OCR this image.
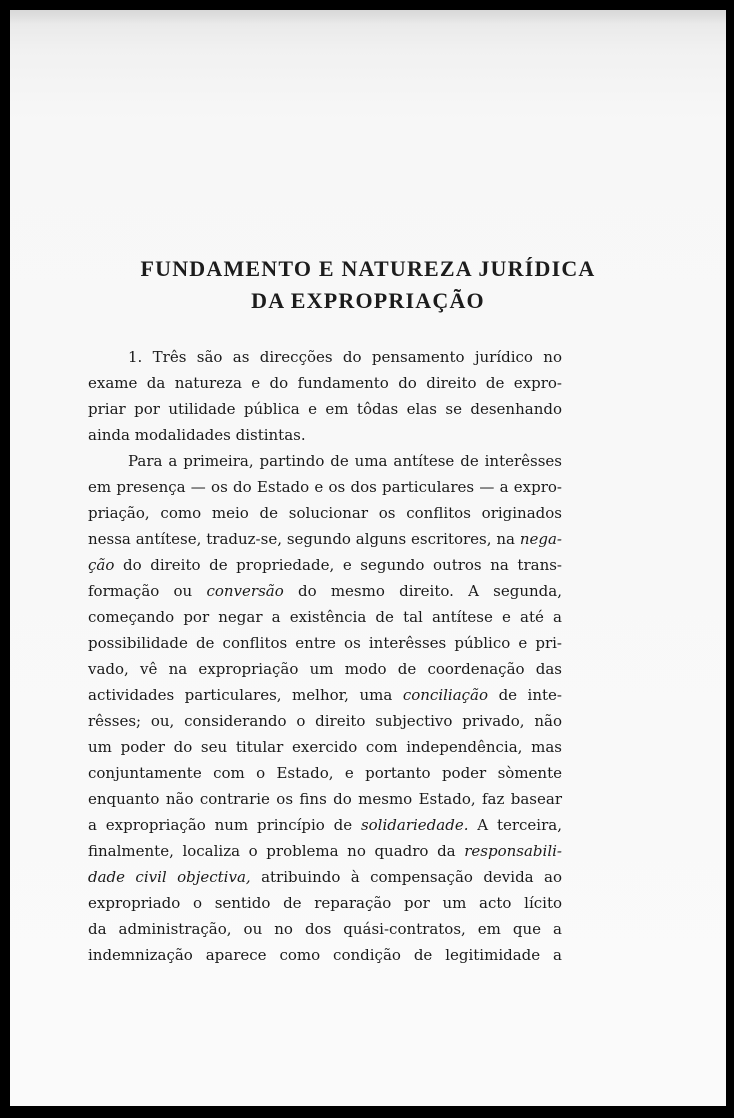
FUNDAMENTO E NATUREZA JURÍDICA
DA EXPROPRIAÇÃO
1. Três são as direcções do pensamento jurídico no
exame da natureza e do fundamento do direito de expro-
priar por utilidade pública e em tôdas elas se desenhando
ainda modalidades distintas.
Para a primeira, partindo de uma antítese de interêsses
em presença — os do Estado e os dos particulares — a expro-
priação, como meio de solucionar os conflitos originados
nessa antítese, traduz-se, segundo alguns escritores, na nega-
ção do direito de propriedade, e segundo outros na trans-
formação ou conversão do mesmo direito. A segunda,
começando por negar a existência de tal antítese e até a
possibilidade de conflitos entre os interêsses público e pri-
vado, vê na expropriação um modo de coordenação das
actividades particulares, melhor, uma conciliação de inte-
rêsses; ou, considerando o direito subjectivo privado, não
um poder do seu titular exercido com independência, mas
conjuntamente com o Estado, e portanto poder sòmente
enquanto não contrarie os fins do mesmo Estado, faz basear
a expropriação num princípio de solidariedade. A terceira,
finalmente, localiza o problema no quadro da responsabili-
dade civil objectiva, atribuindo à compensação devida ao
expropriado o sentido de reparação por um acto lícito
da administração, ou no dos quási-contratos, em que a
indemnização aparece como condição de legitimidade a
